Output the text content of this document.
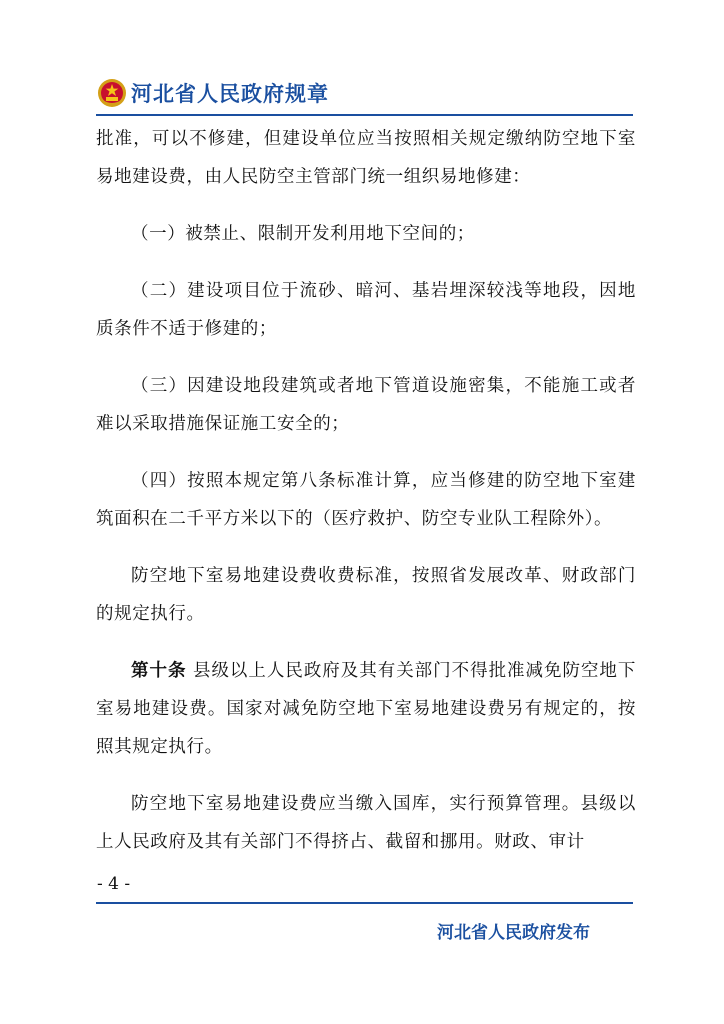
河北省人民政府规章

批准，可以不修建，但建设单位应当按照相关规定缴纳防空地下室易地建设费，由人民防空主管部门统一组织易地修建：

（一）被禁止、限制开发利用地下空间的；

（二）建设项目位于流砂、暗河、基岩埋深较浅等地段，因地质条件不适于修建的；

（三）因建设地段建筑或者地下管道设施密集，不能施工或者难以采取措施保证施工安全的；

（四）按照本规定第八条标准计算，应当修建的防空地下室建筑面积在二千平方米以下的（医疗救护、防空专业队工程除外）。

防空地下室易地建设费收费标准，按照省发展改革、财政部门的规定执行。

第十条 县级以上人民政府及其有关部门不得批准减免防空地下室易地建设费。国家对减免防空地下室易地建设费另有规定的，按照其规定执行。

防空地下室易地建设费应当缴入国库，实行预算管理。县级以上人民政府及其有关部门不得挤占、截留和挪用。财政、审计

- 4 -
河北省人民政府发布
